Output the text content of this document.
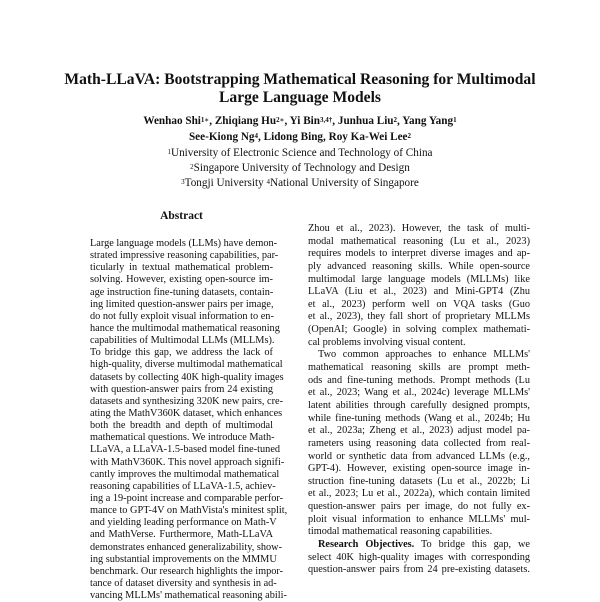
Math-LLaVA: Bootstrapping Mathematical Reasoning for Multimodal
Large Language Models
Wenhao Shi$^{1∗}$, Zhiqiang $Hu^{2∗}$, Yi Bin$^{3,4\dagger}$, Junhua Liu$^2$, Yang Yang$^1$
See-Kiong Ng$^4$, Lidong Bing, Roy Ka-Wei Lee$^2$
$^1$University of Electronic Science and Technology of China
$^2$Singapore University of Technology and Design
$^3$Tongji University $^4$National University of Singapore
Abstract
Large language models (LLMs) have demon-
strated impressive reasoning capabilities, par-
ticularly in textual mathematical problem-
solving. However, existing open-source im-
age instruction fine-tuning datasets, contain-
ing limited question-answer pairs per image,
do not fully exploit visual information to en-
hance the multimodal mathematical reasoning
capabilities of Multimodal LLMs (MLLMs).
To bridge this gap, we address the lack of
high-quality, diverse multimodal mathematical
datasets by collecting 40K high-quality images
with question-answer pairs from 24 existing
datasets and synthesizing 320K new pairs, cre-
ating the MathV360K dataset, which enhances
both the breadth and depth of multimodal
mathematical questions. We introduce Math-
LLaVA, a LLaVA-1.5-based model fine-tuned
with MathV360K. This novel approach signifi-
cantly improves the multimodal mathematical
reasoning capabilities of LLaVA-1.5, achiev-
ing a 19-point increase and comparable perfor-
mance to GPT-4V on MathVista's minitest split,
and yielding leading performance on Math-V
and MathVerse. Furthermore, Math-LLaVA
demonstrates enhanced generalizability, show-
ing substantial improvements on the MMMU
benchmark. Our research highlights the impor-
tance of dataset diversity and synthesis in ad-
vancing MLLMs' mathematical reasoning abili-
Zhou et al., 2023). However, the task of multi-
modal mathematical reasoning (Lu et al., 2023)
requires models to interpret diverse images and ap-
ply advanced reasoning skills. While open-source
multimodal large language models (MLLMs) like
LLaVA (Liu et al., 2023) and Mini-GPT4 (Zhu
et al., 2023) perform well on VQA tasks (Guo
et al., 2023), they fall short of proprietary MLLMs
(OpenAI; Google) in solving complex mathemati-
cal problems involving visual content.
Two common approaches to enhance MLLMs'
mathematical reasoning skills are prompt meth-
ods and fine-tuning methods. Prompt methods (Lu
et al., 2023; Wang et al., 2024c) leverage MLLMs'
latent abilities through carefully designed prompts,
while fine-tuning methods (Wang et al., 2024b; Hu
et al., 2023a; Zheng et al., 2023) adjust model pa-
rameters using reasoning data collected from real-
world or synthetic data from advanced LLMs (e.g.,
GPT-4). However, existing open-source image in-
struction fine-tuning datasets (Lu et al., 2022b; Li
et al., 2023; Lu et al., 2022a), which contain limited
question-answer pairs per image, do not fully ex-
ploit visual information to enhance MLLMs' mul-
timodal mathematical reasoning capabilities.
Research Objectives. To bridge this gap, we
select 40K high-quality images with corresponding
question-answer pairs from 24 pre-existing datasets.
